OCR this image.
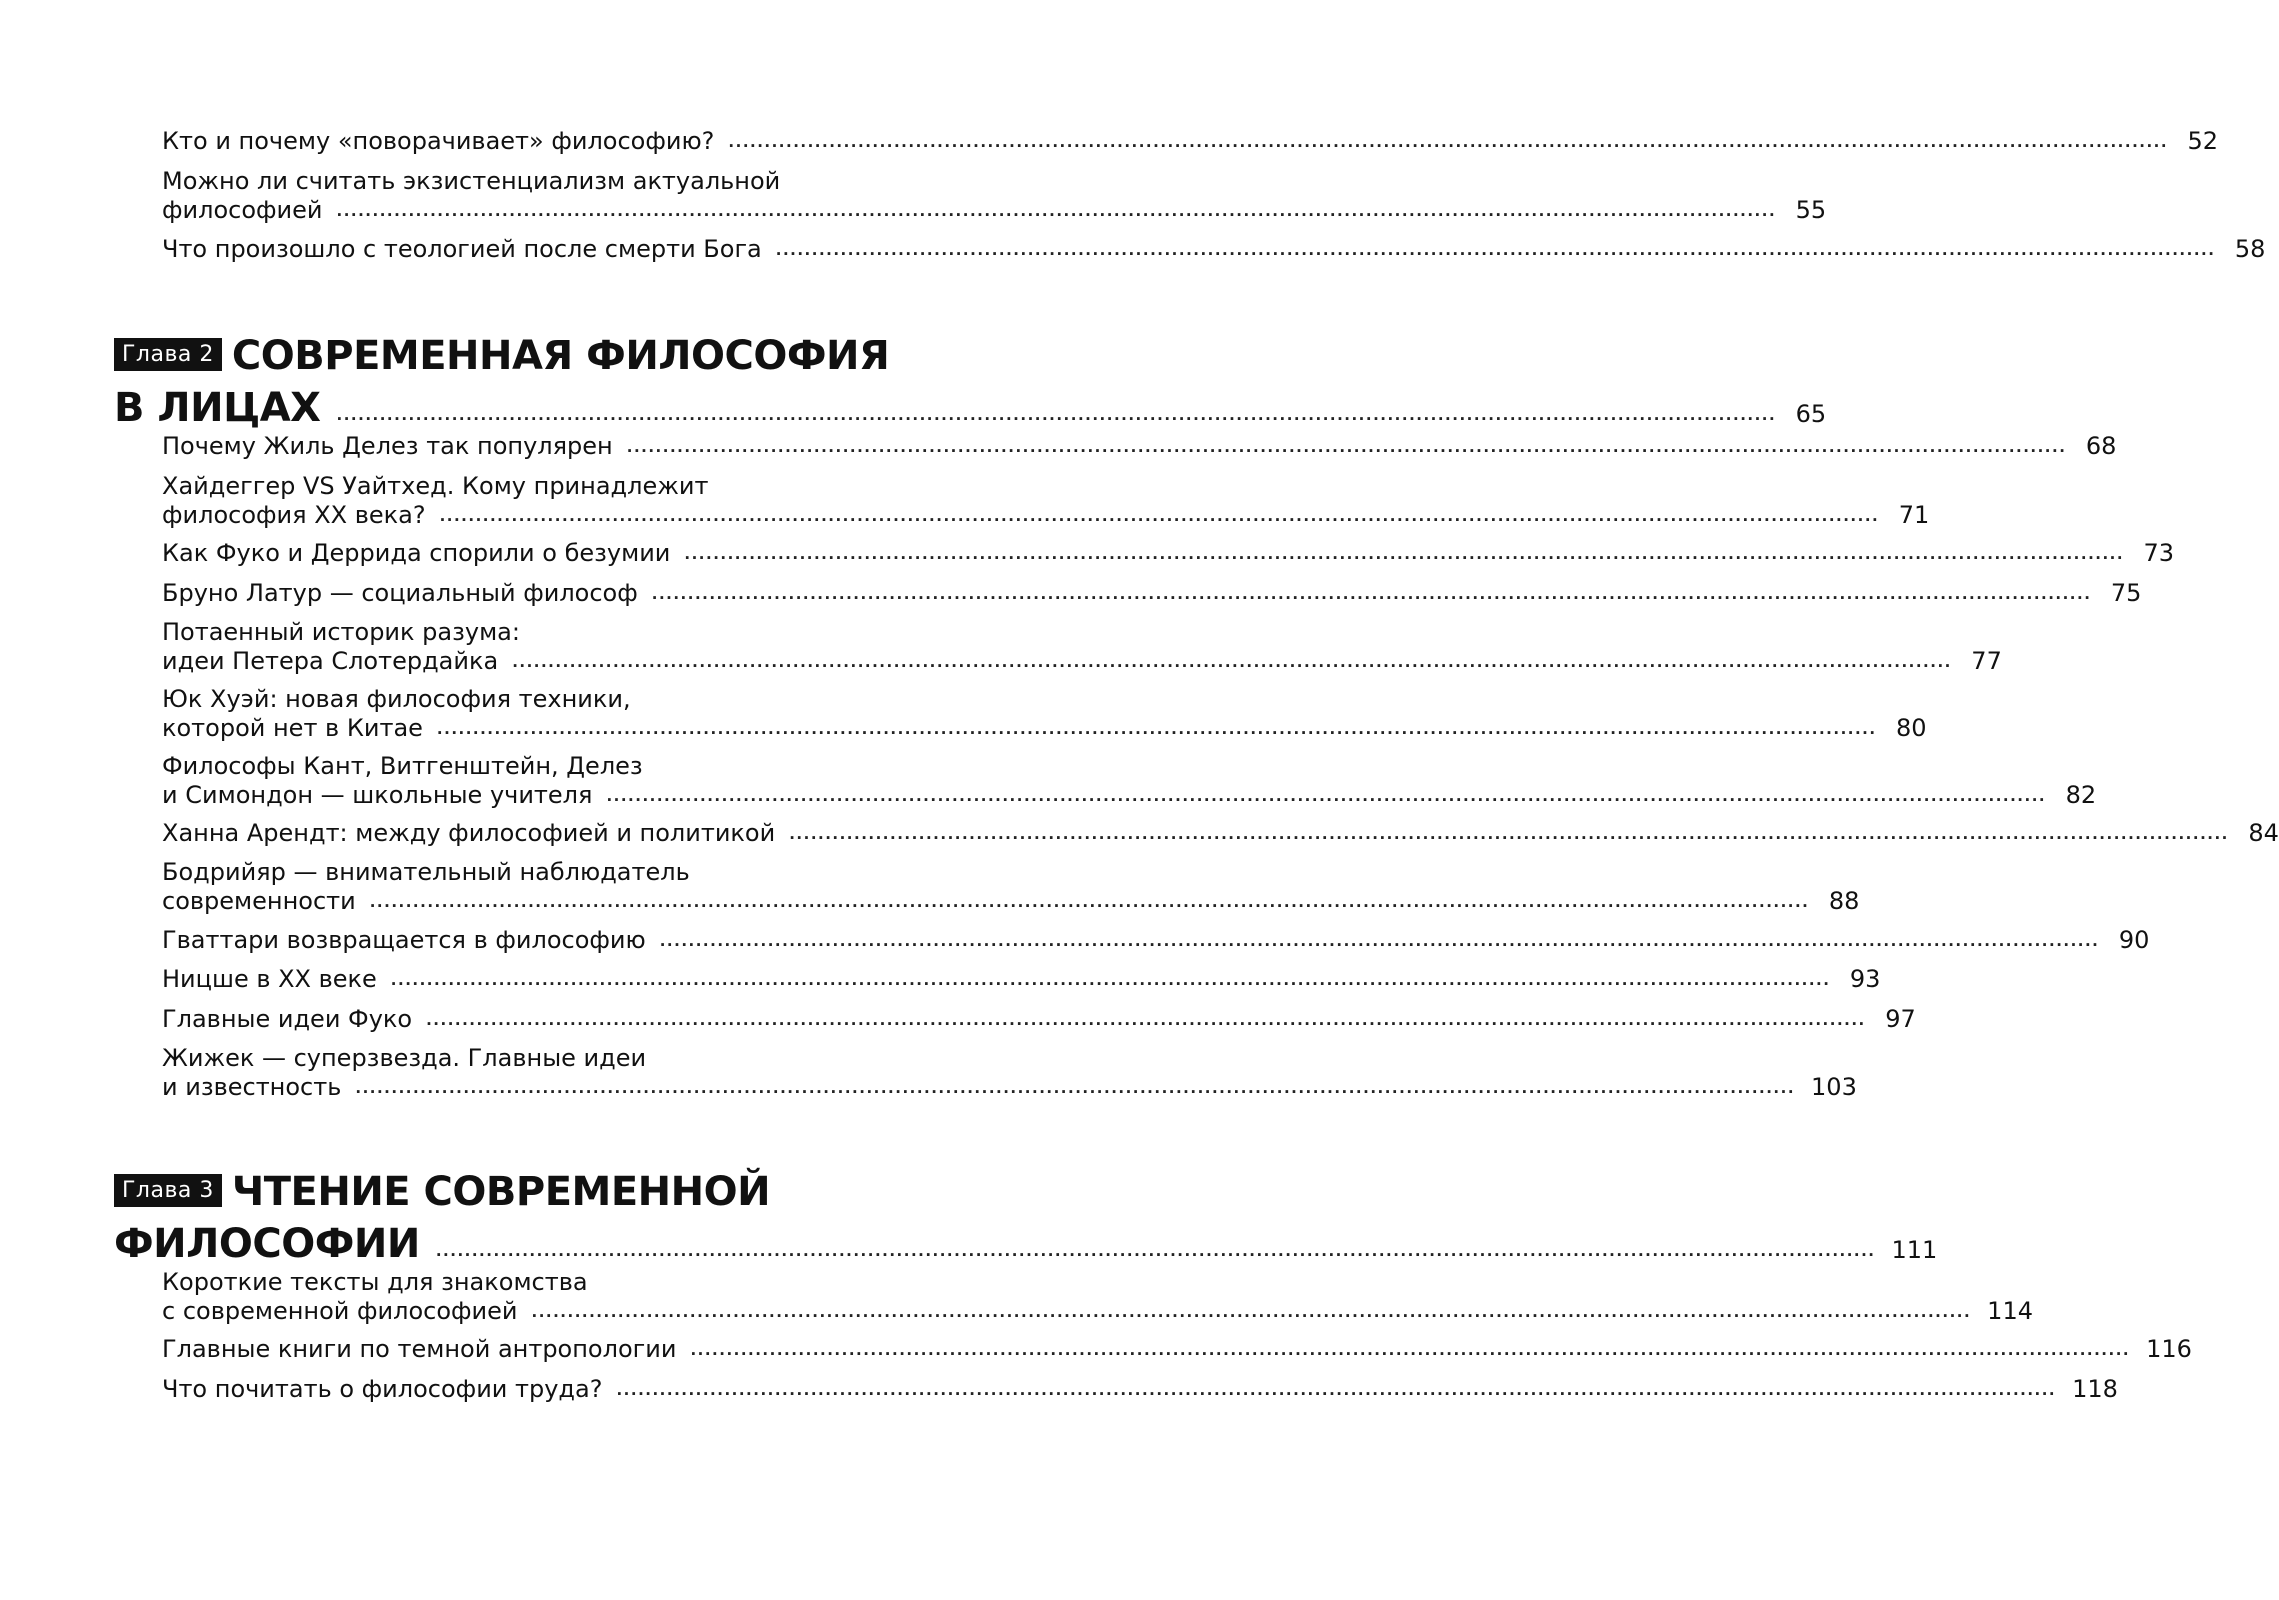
Кто и почему «поворачивает» философию? ........................................................................................................................................................................................................ 52
Можно ли считать экзистенциализм актуальной
философией ........................................................................................................................................................................................................ 55
Что произошло с теологией после смерти Бога ........................................................................................................................................................................................................ 58
Глава 2 СОВРЕМЕННАЯ ФИЛОСОФИЯ
В ЛИЦАХ ........................................................................................................................................................................................................ 65
Почему Жиль Делез так популярен ........................................................................................................................................................................................................ 68
Хайдеггер VS Уайтхед. Кому принадлежит
философия ХХ века? ........................................................................................................................................................................................................ 71
Как Фуко и Деррида спорили о безумии ........................................................................................................................................................................................................ 73
Бруно Латур — социальный философ ........................................................................................................................................................................................................ 75
Потаенный историк разума:
идеи Петера Слотердайка ........................................................................................................................................................................................................ 77
Юк Хуэй: новая философия техники,
которой нет в Китае ........................................................................................................................................................................................................ 80
Философы Кант, Витгенштейн, Делез
и Симондон — школьные учителя ........................................................................................................................................................................................................ 82
Ханна Арендт: между философией и политикой ........................................................................................................................................................................................................ 84
Бодрийяр — внимательный наблюдатель
современности ........................................................................................................................................................................................................ 88
Гваттари возвращается в философию ........................................................................................................................................................................................................ 90
Ницше в ХХ веке ........................................................................................................................................................................................................ 93
Главные идеи Фуко ........................................................................................................................................................................................................ 97
Жижек — суперзвезда. Главные идеи
и известность ........................................................................................................................................................................................................ 103
Глава 3 ЧТЕНИЕ СОВРЕМЕННОЙ
ФИЛОСОФИИ ........................................................................................................................................................................................................ 111
Короткие тексты для знакомства
с современной философией ........................................................................................................................................................................................................ 114
Главные книги по темной антропологии ........................................................................................................................................................................................................ 116
Что почитать о философии труда? ........................................................................................................................................................................................................ 118
